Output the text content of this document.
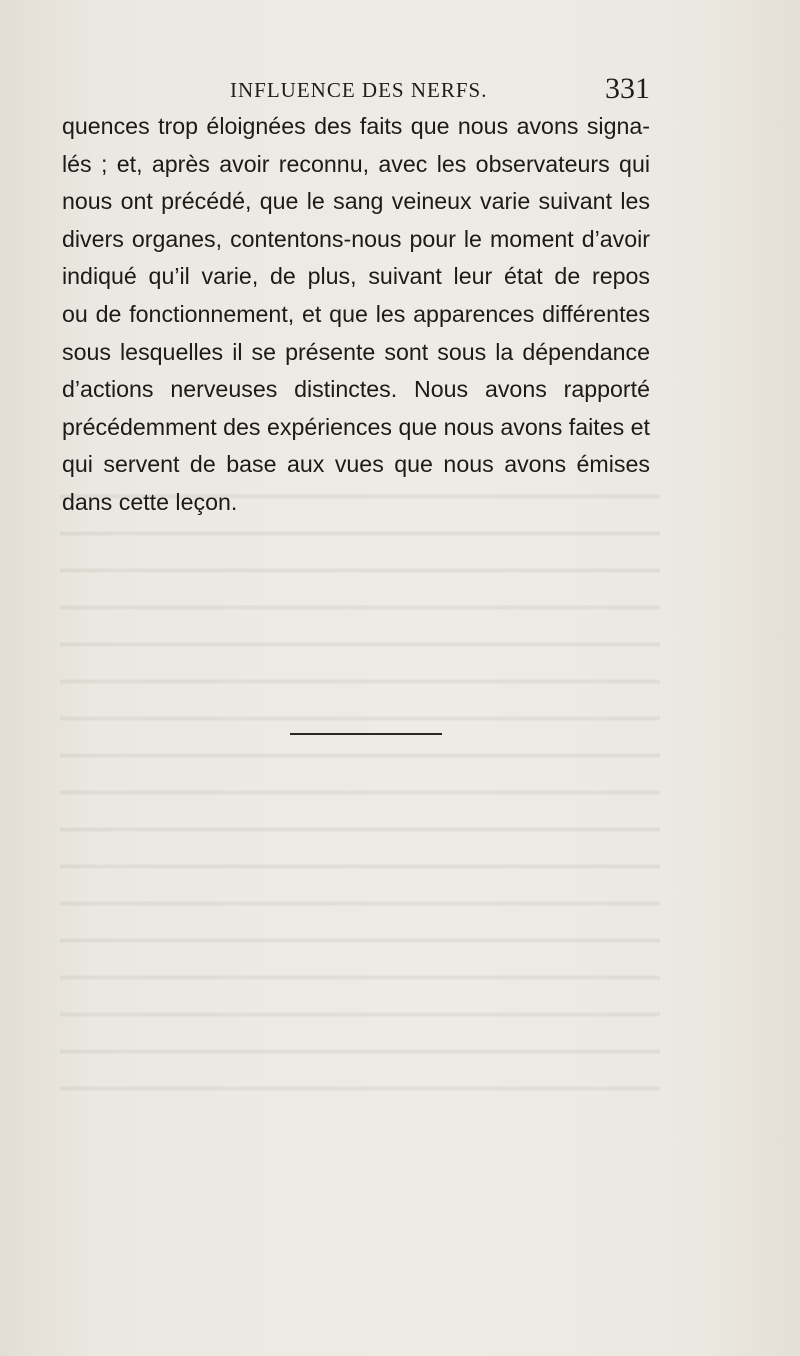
INFLUENCE DES NERFS.	331
quences trop éloignées des faits que nous avons signa-
lés ; et, après avoir reconnu, avec les observateurs qui
nous ont précédé, que le sang veineux varie suivant les
divers organes, contentons-nous pour le moment d’avoir
indiqué qu’il varie, de plus, suivant leur état de repos
ou de fonctionnement, et que les apparences différentes
sous lesquelles il se présente sont sous la dépendance
d’actions nerveuses distinctes. Nous avons rapporté
précédemment des expériences que nous avons faites et
qui servent de base aux vues que nous avons émises
dans cette leçon.
